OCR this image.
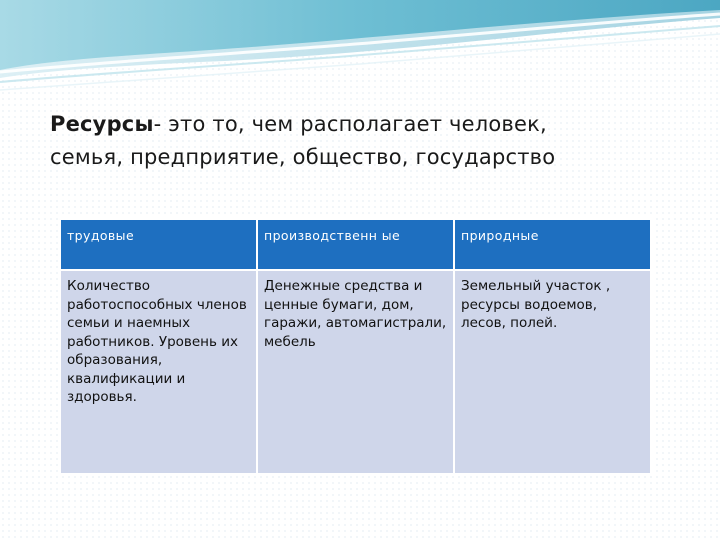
Ресурсы- это то, чем располагает человек,
семья, предприятие, общество, государство
трудовые	производственн ые	природные
Количество работоспособных членов семьи и наемных работников. Уровень их образования, квалификации и здоровья.	Денежные средства и ценные бумаги, дом, гаражи, автомагистрали, мебель	Земельный участок , ресурсы водоемов, лесов, полей.
